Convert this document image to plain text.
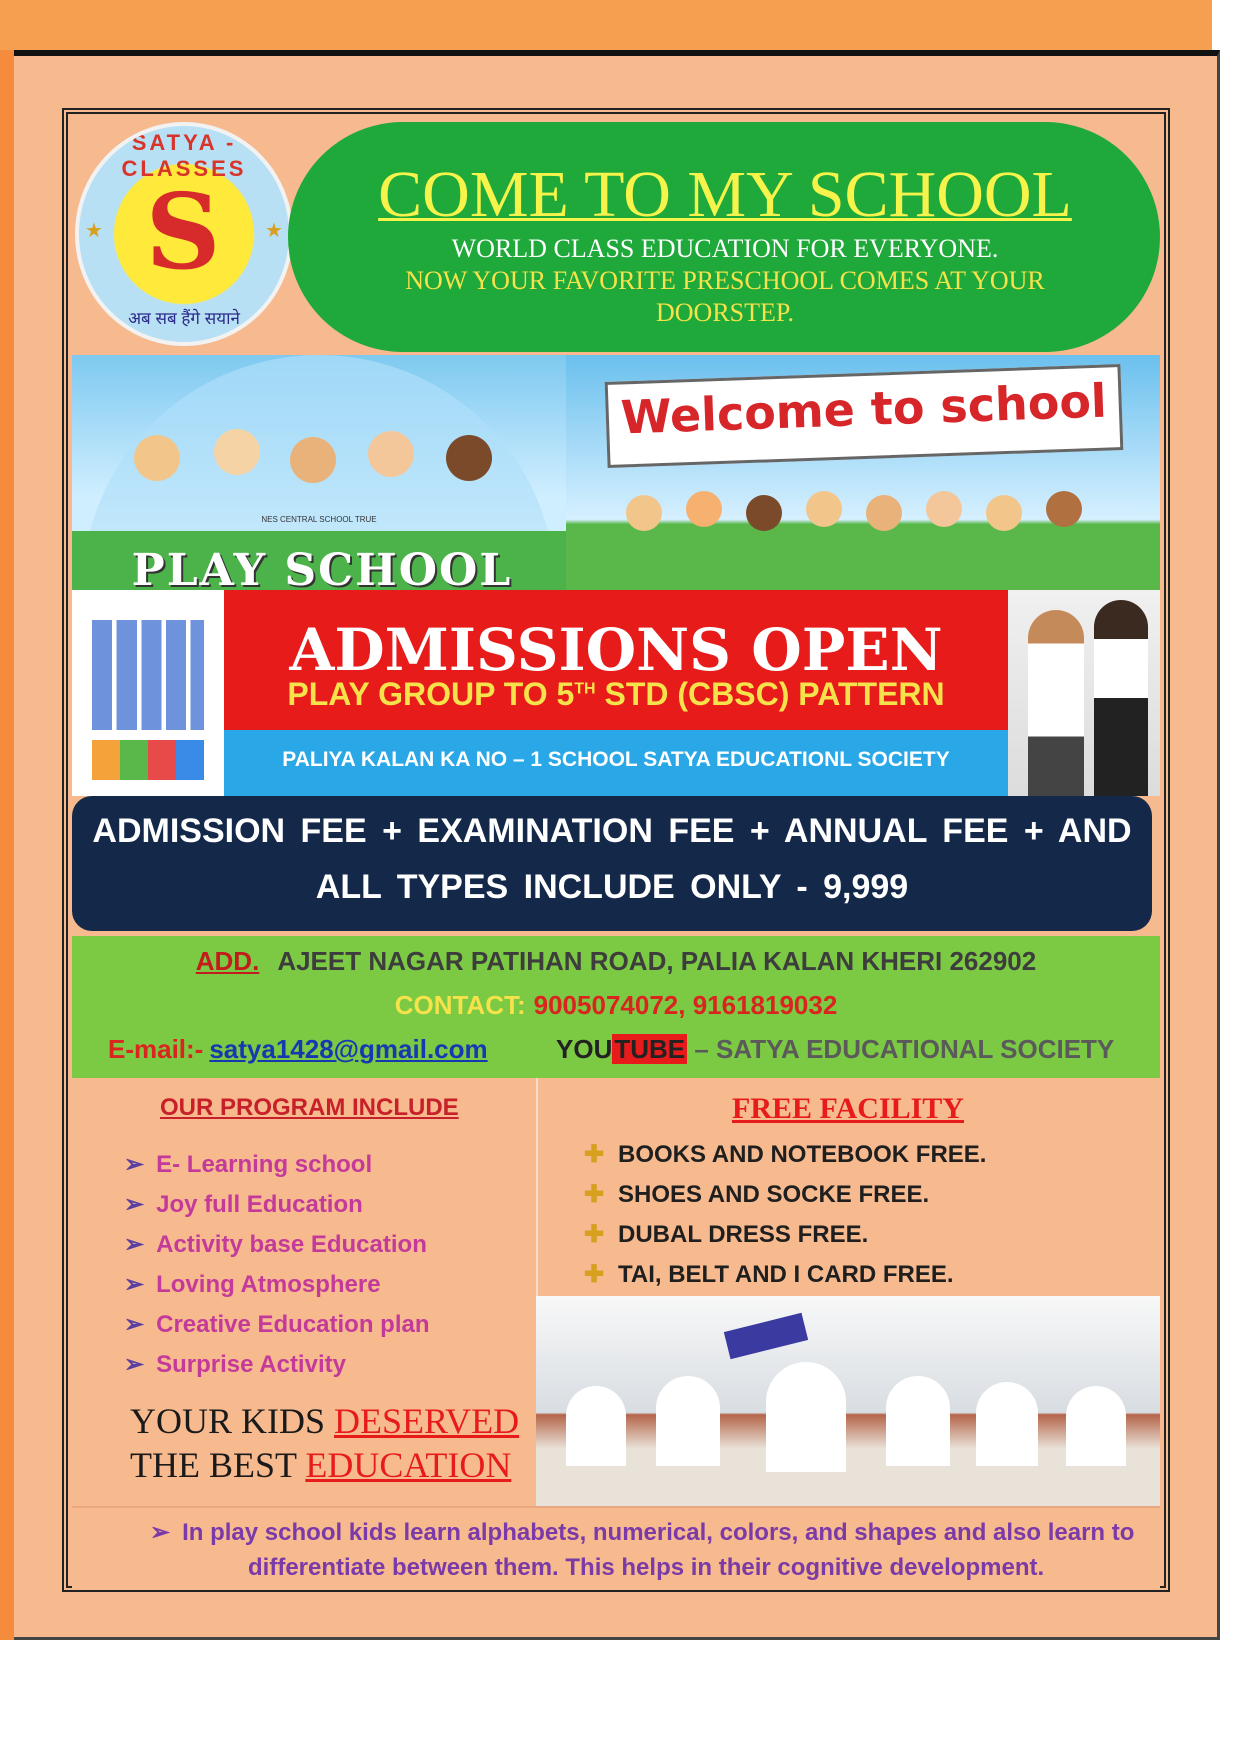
SATYA - CLASSES
S
अब सब हैंगे सयाने
★	★	COME TO MY SCHOOL
WORLD CLASS EDUCATION FOR EVERYONE.
NOW YOUR FAVORITE PRESCHOOL COMES AT YOUR
DOORSTEP.
NES CENTRAL SCHOOL TRUE
PLAY SCHOOL
Welcome to school
ADMISSIONS OPEN
PLAY GROUP TO 5TH STD (CBSC) PATTERN
PALIYA KALAN KA NO – 1 SCHOOL SATYA EDUCATIONL SOCIETY
ADMISSION FEE + EXAMINATION FEE + ANNUAL FEE + AND
ALL TYPES INCLUDE ONLY - 9,999
ADD. AJEET NAGAR PATIHAN ROAD, PALIA KALAN KHERI 262902
CONTACT: 9005074072, 9161819032
E-mail:- satya1428@gmail.com	YOUTUBE – SATYA EDUCATIONAL SOCIETY
OUR PROGRAM INCLUDE
➢ E- Learning school
➢ Joy full Education
➢ Activity base Education
➢ Loving Atmosphere
➢ Creative Education plan
➢ Surprise Activity
YOUR KIDS DESERVED
THE BEST EDUCATION
FREE FACILITY
✚ BOOKS AND NOTEBOOK FREE.
✚ SHOES AND SOCKE FREE.
✚ DUBAL DRESS FREE.
✚ TAI, BELT AND I CARD FREE.
➢ In play school kids learn alphabets, numerical, colors, and shapes and also learn to
differentiate between them. This helps in their cognitive development.
